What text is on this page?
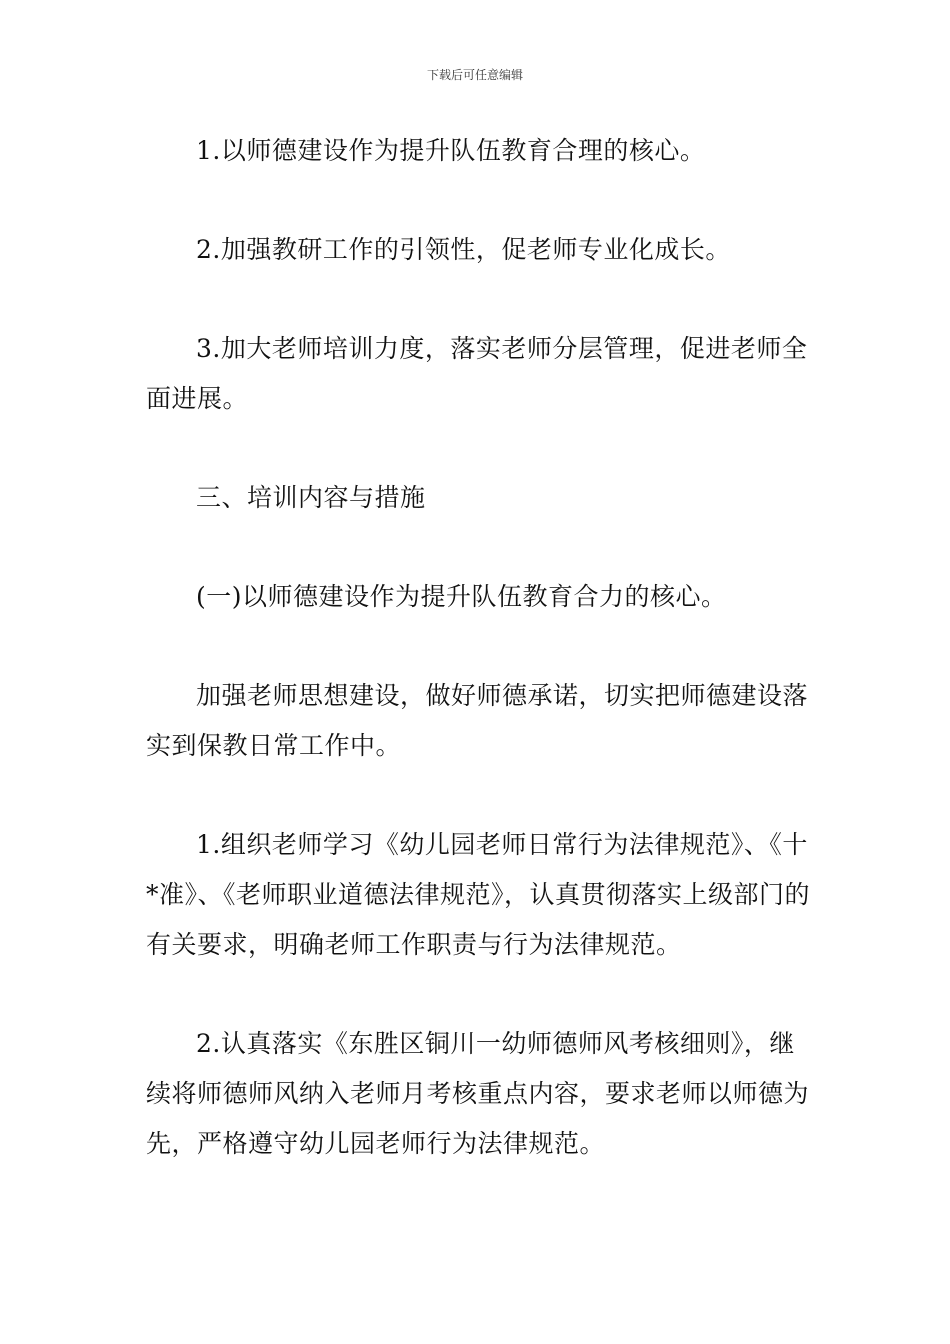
下载后可任意编辑

1.以师德建设作为提升队伍教育合理的核心。

2.加强教研工作的引领性，促老师专业化成长。

3.加大老师培训力度，落实老师分层管理，促进老师全面进展。

三、培训内容与措施

(一)以师德建设作为提升队伍教育合力的核心。

加强老师思想建设，做好师德承诺，切实把师德建设落实到保教日常工作中。

1.组织老师学习《幼儿园老师日常行为法律规范》、《十*准》、《老师职业道德法律规范》，认真贯彻落实上级部门的有关要求，明确老师工作职责与行为法律规范。

2.认真落实《东胜区铜川一幼师德师风考核细则》，继续将师德师风纳入老师月考核重点内容，要求老师以师德为先，严格遵守幼儿园老师行为法律规范。
